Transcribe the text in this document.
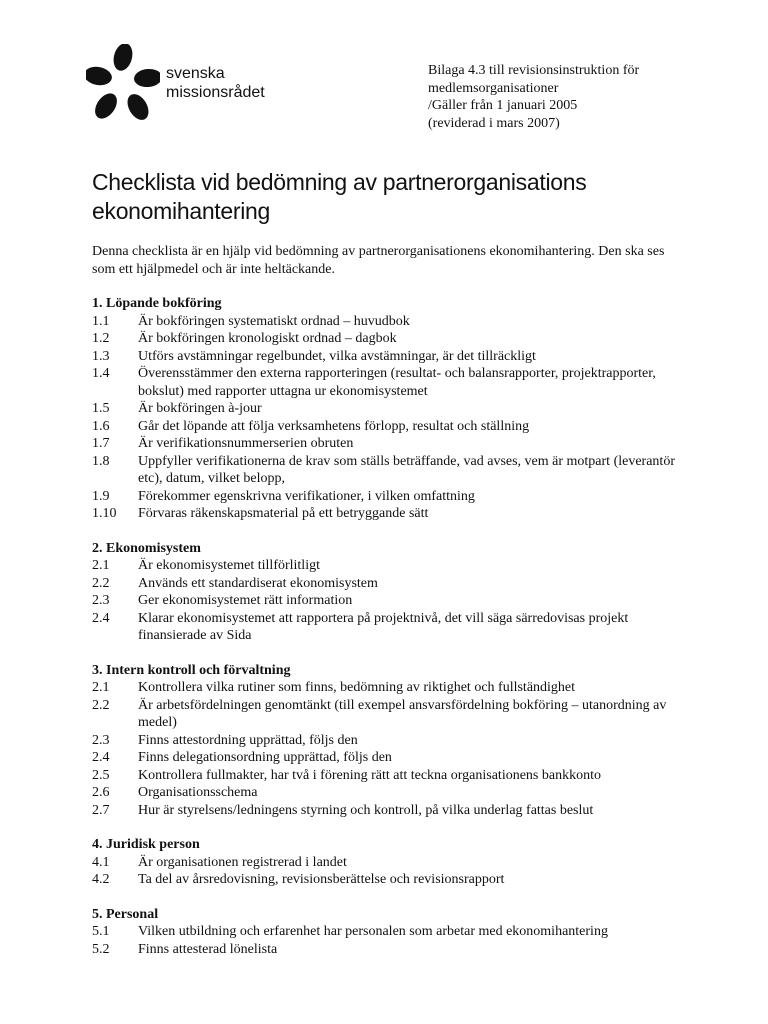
svenska
missionsrådet
Bilaga 4.3 till revisionsinstruktion för
medlemsorganisationer
/Gäller från 1 januari 2005
(reviderad i mars 2007)
Checklista vid bedömning av partnerorganisations
ekonomihantering

Denna checklista är en hjälp vid bedömning av partnerorganisationens ekonomihantering. Den ska ses som ett hjälpmedel och är inte heltäckande.

1. Löpande bokföring
1.1	Är bokföringen systematiskt ordnad – huvudbok
1.2	Är bokföringen kronologiskt ordnad – dagbok
1.3	Utförs avstämningar regelbundet, vilka avstämningar, är det tillräckligt
1.4	Överensstämmer den externa rapporteringen (resultat- och balansrapporter, projektrapporter, bokslut) med rapporter uttagna ur ekonomisystemet
1.5	Är bokföringen à-jour
1.6	Går det löpande att följa verksamhetens förlopp, resultat och ställning
1.7	Är verifikationsnummerserien obruten
1.8	Uppfyller verifikationerna de krav som ställs beträffande, vad avses, vem är motpart (leverantör etc), datum, vilket belopp,
1.9	Förekommer egenskrivna verifikationer, i vilken omfattning
1.10	Förvaras räkenskapsmaterial på ett betryggande sätt
2. Ekonomisystem
2.1	Är ekonomisystemet tillförlitligt
2.2	Används ett standardiserat ekonomisystem
2.3	Ger ekonomisystemet rätt information
2.4	Klarar ekonomisystemet att rapportera på projektnivå, det vill säga särredovisas projekt finansierade av Sida
3. Intern kontroll och förvaltning
2.1	Kontrollera vilka rutiner som finns, bedömning av riktighet och fullständighet
2.2	Är arbetsfördelningen genomtänkt (till exempel ansvarsfördelning bokföring – utanordning av medel)
2.3	Finns attestordning upprättad, följs den
2.4	Finns delegationsordning upprättad, följs den
2.5	Kontrollera fullmakter, har två i förening rätt att teckna organisationens bankkonto
2.6	Organisationsschema
2.7	Hur är styrelsens/ledningens styrning och kontroll, på vilka underlag fattas beslut
4. Juridisk person
4.1	Är organisationen registrerad i landet
4.2	Ta del av årsredovisning, revisionsberättelse och revisionsrapport
5. Personal
5.1	Vilken utbildning och erfarenhet har personalen som arbetar med ekonomihantering
5.2	Finns attesterad lönelista
